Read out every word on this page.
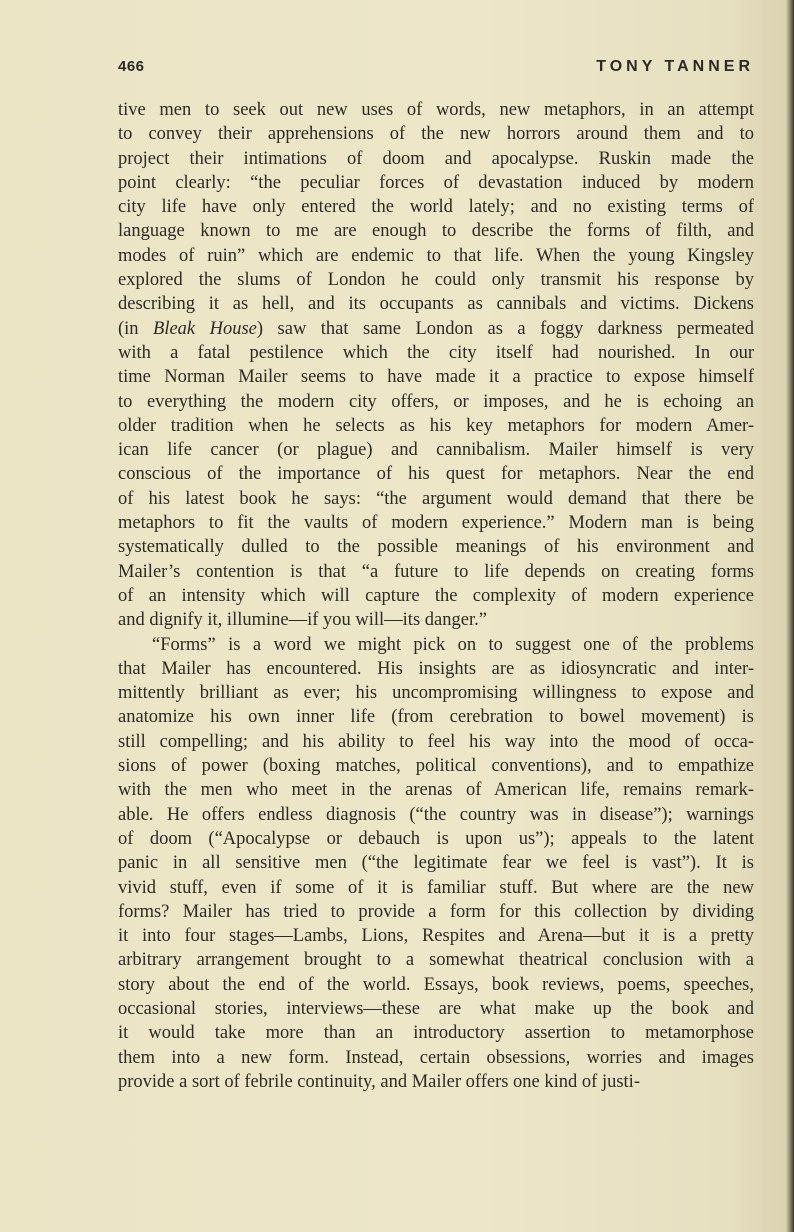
466	TONY TANNER

tive men to seek out new uses of words, new metaphors, in an attempt
to convey their apprehensions of the new horrors around them and to
project their intimations of doom and apocalypse. Ruskin made the
point clearly: “the peculiar forces of devastation induced by modern
city life have only entered the world lately; and no existing terms of
language known to me are enough to describe the forms of filth, and
modes of ruin” which are endemic to that life. When the young Kingsley
explored the slums of London he could only transmit his response by
describing it as hell, and its occupants as cannibals and victims. Dickens
(in Bleak House) saw that same London as a foggy darkness permeated
with a fatal pestilence which the city itself had nourished. In our
time Norman Mailer seems to have made it a practice to expose himself
to everything the modern city offers, or imposes, and he is echoing an
older tradition when he selects as his key metaphors for modern Amer-
ican life cancer (or plague) and cannibalism. Mailer himself is very
conscious of the importance of his quest for metaphors. Near the end
of his latest book he says: “the argument would demand that there be
metaphors to fit the vaults of modern experience.” Modern man is being
systematically dulled to the possible meanings of his environment and
Mailer’s contention is that “a future to life depends on creating forms
of an intensity which will capture the complexity of modern experience
and dignify it, illumine—if you will—its danger.”

“Forms” is a word we might pick on to suggest one of the problems
that Mailer has encountered. His insights are as idiosyncratic and inter-
mittently brilliant as ever; his uncompromising willingness to expose and
anatomize his own inner life (from cerebration to bowel movement) is
still compelling; and his ability to feel his way into the mood of occa-
sions of power (boxing matches, political conventions), and to empathize
with the men who meet in the arenas of American life, remains remark-
able. He offers endless diagnosis (“the country was in disease”); warnings
of doom (“Apocalypse or debauch is upon us”); appeals to the latent
panic in all sensitive men (“the legitimate fear we feel is vast”). It is
vivid stuff, even if some of it is familiar stuff. But where are the new
forms? Mailer has tried to provide a form for this collection by dividing
it into four stages—Lambs, Lions, Respites and Arena—but it is a pretty
arbitrary arrangement brought to a somewhat theatrical conclusion with a
story about the end of the world. Essays, book reviews, poems, speeches,
occasional stories, interviews—these are what make up the book and
it would take more than an introductory assertion to metamorphose
them into a new form. Instead, certain obsessions, worries and images
provide a sort of febrile continuity, and Mailer offers one kind of justi-
